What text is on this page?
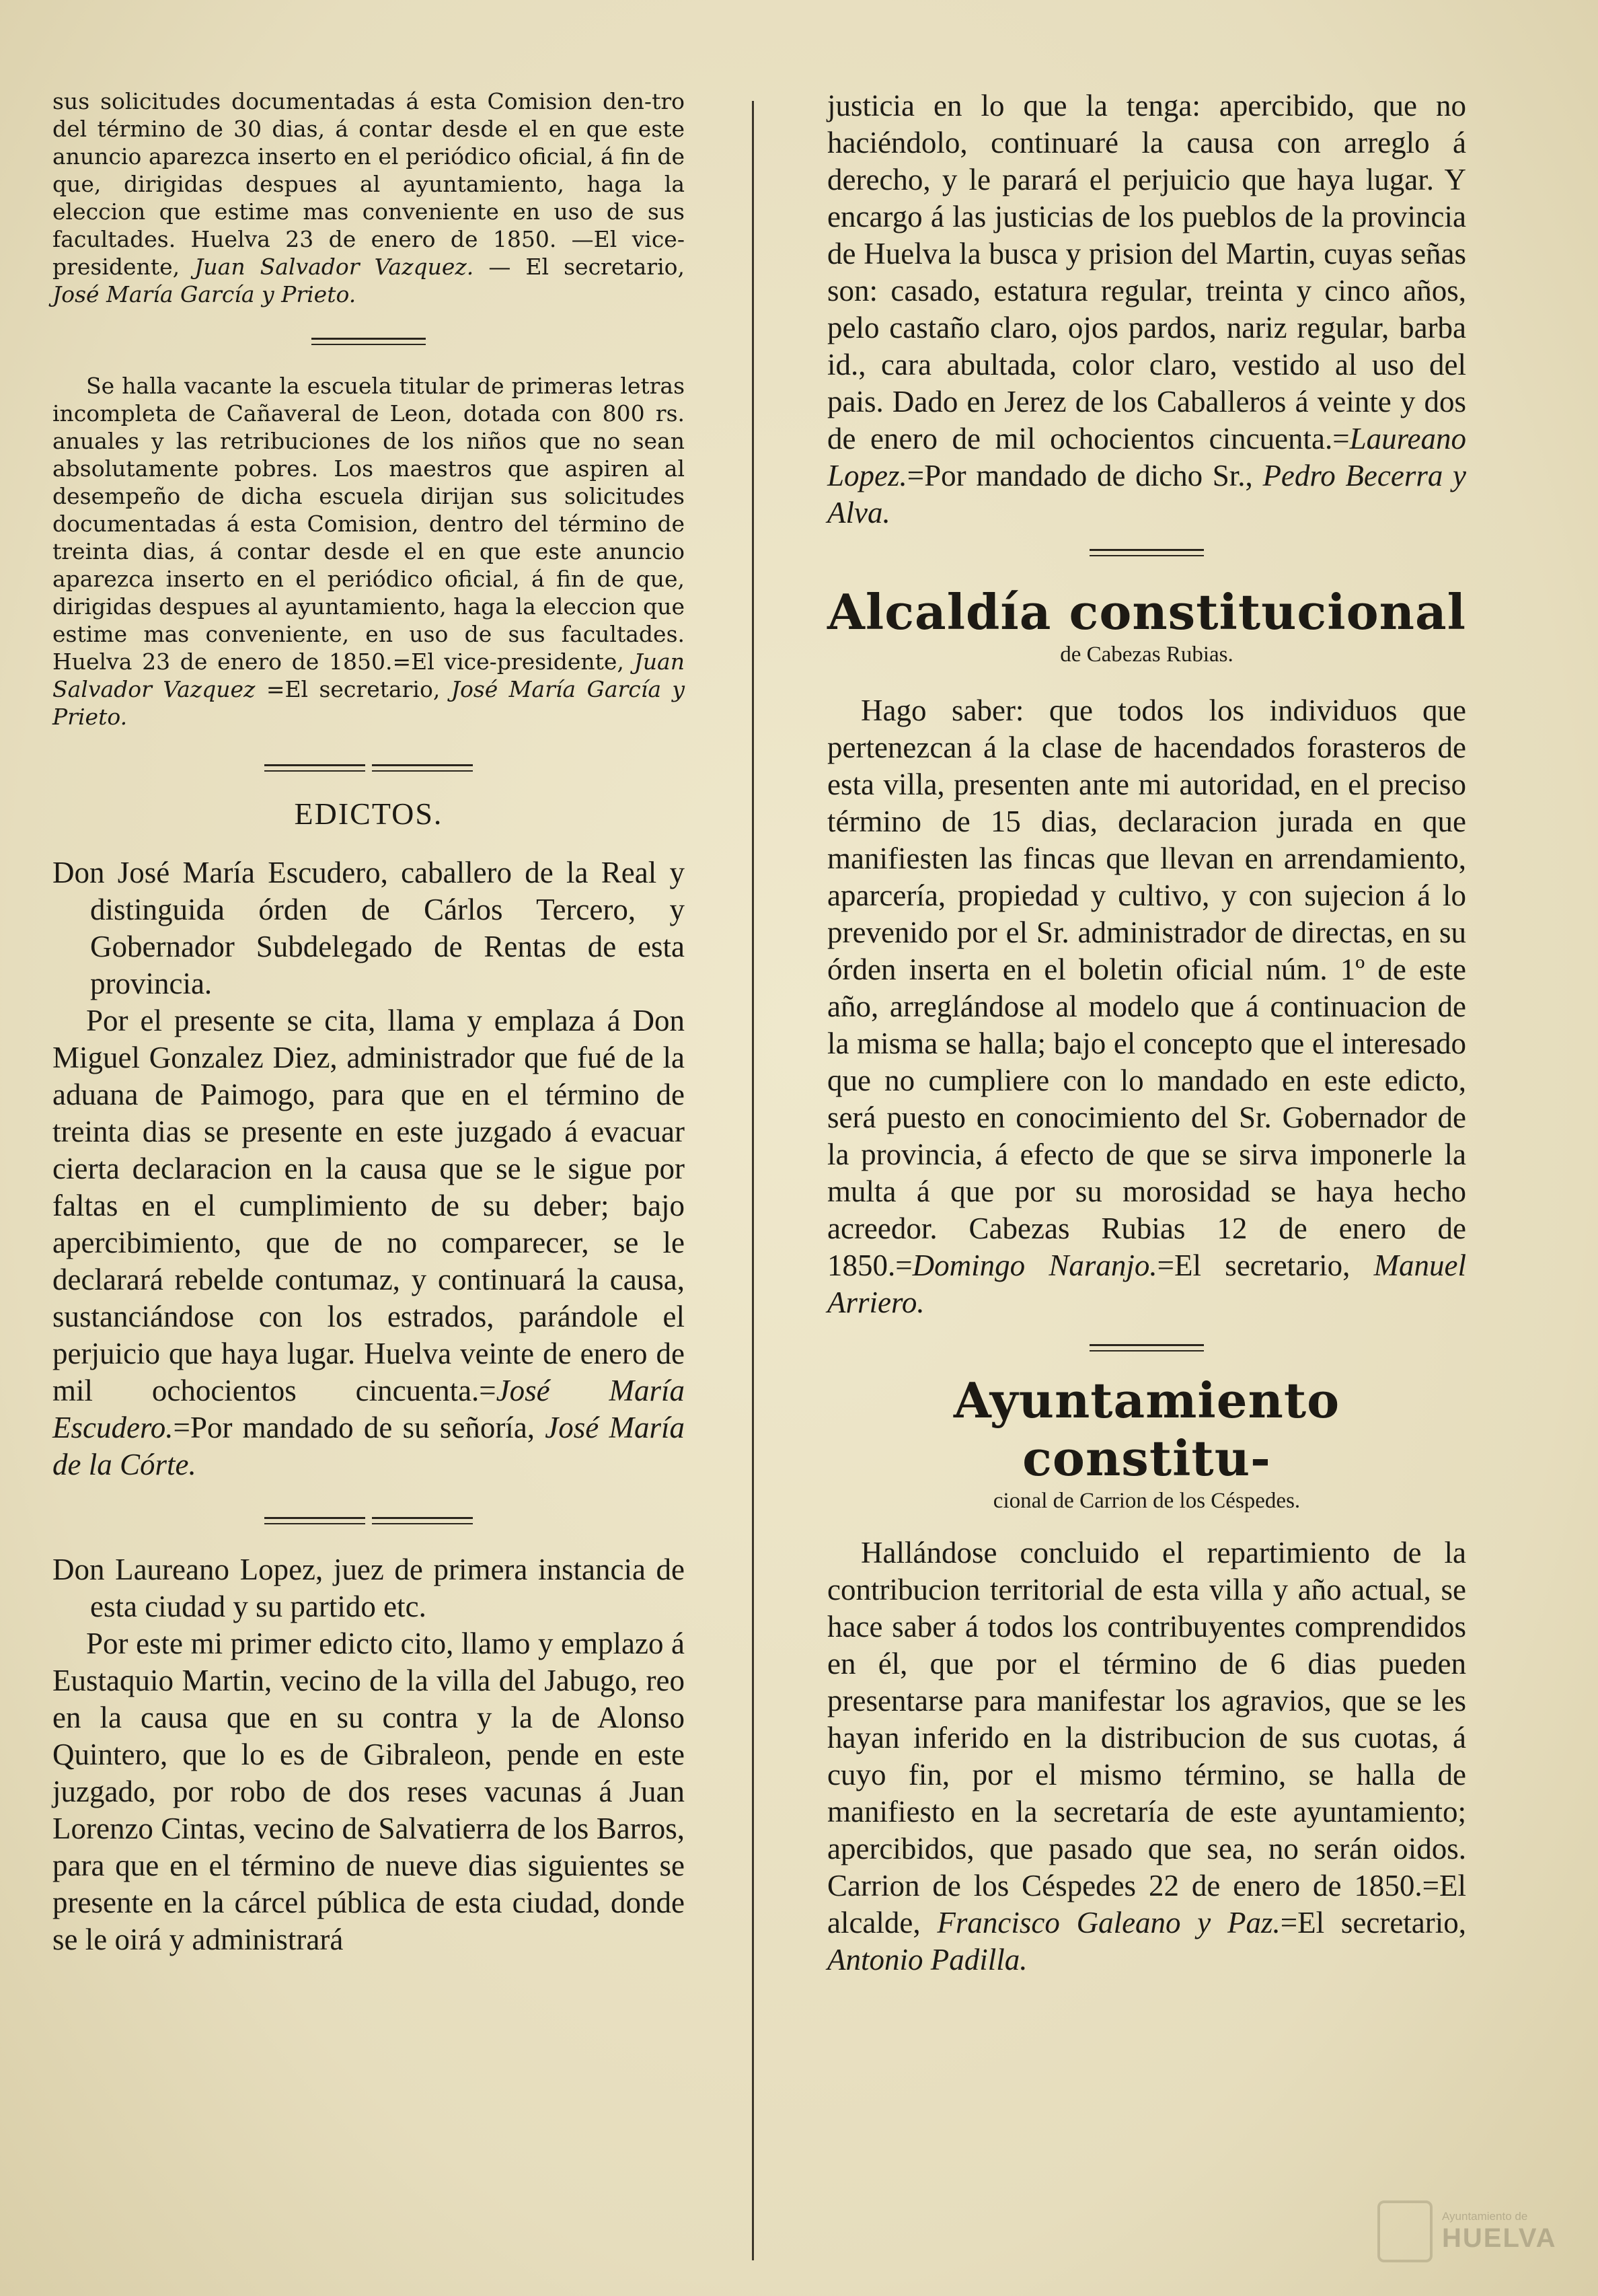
sus solicitudes documentadas á esta Comision den-tro del término de 30 dias, á contar desde el en que este anuncio aparezca inserto en el periódico oficial, á fin de que, dirigidas despues al ayuntamiento, haga la eleccion que estime mas conveniente en uso de sus facultades. Huelva 23 de enero de 1850. —El vice-presidente, Juan Salvador Vazquez. — El secretario, José María García y Prieto.

Se halla vacante la escuela titular de primeras letras incompleta de Cañaveral de Leon, dotada con 800 rs. anuales y las retribuciones de los niños que no sean absolutamente pobres. Los maestros que aspiren al desempeño de dicha escuela dirijan sus solicitudes documentadas á esta Comision, dentro del término de treinta dias, á contar desde el en que este anuncio aparezca inserto en el periódico oficial, á fin de que, dirigidas despues al ayuntamiento, haga la eleccion que estime mas conveniente, en uso de sus facultades. Huelva 23 de enero de 1850.=El vice-presidente, Juan Salvador Vazquez =El secretario, José María García y Prieto.

EDICTOS.

Don José María Escudero, caballero de la Real y distinguida órden de Cárlos Tercero, y Gobernador Subdelegado de Rentas de esta provincia.

Por el presente se cita, llama y emplaza á Don Miguel Gonzalez Diez, administrador que fué de la aduana de Paimogo, para que en el término de treinta dias se presente en este juzgado á evacuar cierta declaracion en la causa que se le sigue por faltas en el cumplimiento de su deber; bajo apercibimiento, que de no comparecer, se le declarará rebelde contumaz, y continuará la causa, sustanciándose con los estrados, parándole el perjuicio que haya lugar. Huelva veinte de enero de mil ochocientos cincuenta.=José María Escudero.=Por mandado de su señoría, José María de la Córte.

Don Laureano Lopez, juez de primera instancia de esta ciudad y su partido etc.

Por este mi primer edicto cito, llamo y emplazo á Eustaquio Martin, vecino de la villa del Jabugo, reo en la causa que en su contra y la de Alonso Quintero, que lo es de Gibraleon, pende en este juzgado, por robo de dos reses vacunas á Juan Lorenzo Cintas, vecino de Salvatierra de los Barros, para que en el término de nueve dias siguientes se presente en la cárcel pública de esta ciudad, donde se le oirá y administrará

justicia en lo que la tenga: apercibido, que no haciéndolo, continuaré la causa con arreglo á derecho, y le parará el perjuicio que haya lugar. Y encargo á las justicias de los pueblos de la provincia de Huelva la busca y prision del Martin, cuyas señas son: casado, estatura regular, treinta y cinco años, pelo castaño claro, ojos pardos, nariz regular, barba id., cara abultada, color claro, vestido al uso del pais. Dado en Jerez de los Caballeros á veinte y dos de enero de mil ochocientos cincuenta.=Laureano Lopez.=Por mandado de dicho Sr., Pedro Becerra y Alva.

Alcaldía constitucional

de Cabezas Rubias.

Hago saber: que todos los individuos que pertenezcan á la clase de hacendados forasteros de esta villa, presenten ante mi autoridad, en el preciso término de 15 dias, declaracion jurada en que manifiesten las fincas que llevan en arrendamiento, aparcería, propiedad y cultivo, y con sujecion á lo prevenido por el Sr. administrador de directas, en su órden inserta en el boletin oficial núm. 1º de este año, arreglándose al modelo que á continuacion de la misma se halla; bajo el concepto que el interesado que no cumpliere con lo mandado en este edicto, será puesto en conocimiento del Sr. Gobernador de la provincia, á efecto de que se sirva imponerle la multa á que por su morosidad se haya hecho acreedor. Cabezas Rubias 12 de enero de 1850.=Domingo Naranjo.=El secretario, Manuel Arriero.

Ayuntamiento constitu-

cional de Carrion de los Céspedes.

Hallándose concluido el repartimiento de la contribucion territorial de esta villa y año actual, se hace saber á todos los contribuyentes comprendidos en él, que por el término de 6 dias pueden presentarse para manifestar los agravios, que se les hayan inferido en la distribucion de sus cuotas, á cuyo fin, por el mismo término, se halla de manifiesto en la secretaría de este ayuntamiento; apercibidos, que pasado que sea, no serán oidos. Carrion de los Céspedes 22 de enero de 1850.=El alcalde, Francisco Galeano y Paz.=El secretario, Antonio Padilla.

Ayuntamiento de
HUELVA
